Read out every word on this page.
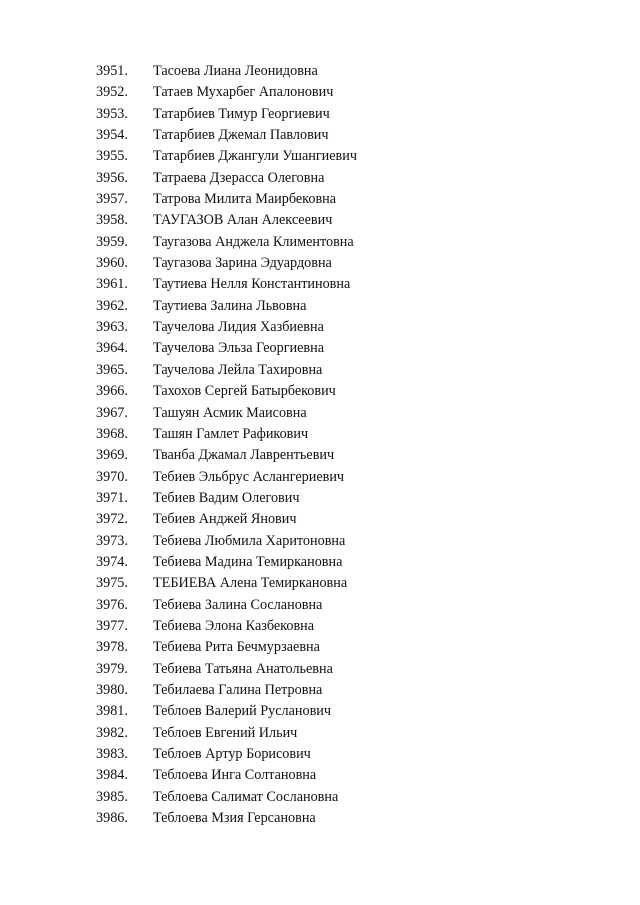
3951. Тасоева Лиана Леонидовна
3952. Татаев Мухарбег Апалонович
3953. Татарбиев Тимур Георгиевич
3954. Татарбиев Джемал Павлович
3955. Татарбиев Джангули Ушангиевич
3956. Татраева Дзерасса Олеговна
3957. Татрова Милита Маирбековна
3958. ТАУГАЗОВ Алан Алексеевич
3959. Таугазова Анджела Климентовна
3960. Таугазова Зарина Эдуардовна
3961. Таутиева Нелля Константиновна
3962. Таутиева Залина Львовна
3963. Таучелова Лидия Хазбиевна
3964. Таучелова Эльза Георгиевна
3965. Таучелова Лейла Тахировна
3966. Тахохов Сергей Батырбекович
3967. Ташуян Асмик Маисовна
3968. Ташян Гамлет Рафикович
3969. Тванба Джамал Лаврентьевич
3970. Тебиев Эльбрус Аслангериевич
3971. Тебиев Вадим Олегович
3972. Тебиев Анджей Янович
3973. Тебиева Любмила Харитоновна
3974. Тебиева Мадина Темиркановна
3975. ТЕБИЕВА Алена Темиркановна
3976. Тебиева Залина Сослановна
3977. Тебиева Элона Казбековна
3978. Тебиева Рита Бечмурзаевна
3979. Тебиева Татьяна Анатольевна
3980. Тебилаева Галина Петровна
3981. Теблоев Валерий Русланович
3982. Теблоев Евгений Ильич
3983. Теблоев Артур Борисович
3984. Теблоева Инга Солтановна
3985. Теблоева Салимат Сослановна
3986. Теблоева Мзия Герсановна
